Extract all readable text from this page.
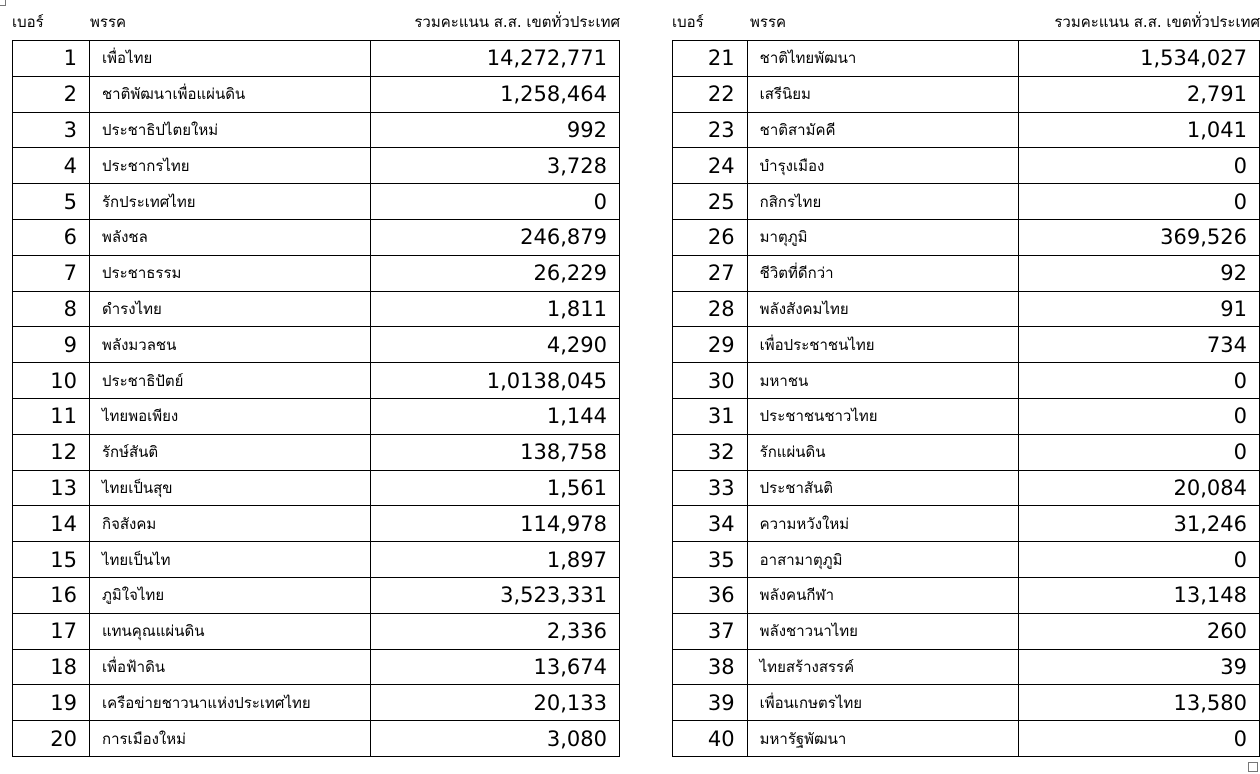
เบอร์	พรรค	รวมคะแนน ส.ส. เขตทั่วประเทศ
1	เพื่อไทย	14,272,771
2	ชาติพัฒนาเพื่อแผ่นดิน	1,258,464
3	ประชาธิปไตยใหม่	992
4	ประชากรไทย	3,728
5	รักประเทศไทย	0
6	พลังชล	246,879
7	ประชาธรรม	26,229
8	ดำรงไทย	1,811
9	พลังมวลชน	4,290
10	ประชาธิปัตย์	1,0138,045
11	ไทยพอเพียง	1,144
12	รักษ์สันติ	138,758
13	ไทยเป็นสุข	1,561
14	กิจสังคม	114,978
15	ไทยเป็นไท	1,897
16	ภูมิใจไทย	3,523,331
17	แทนคุณแผ่นดิน	2,336
18	เพื่อฟ้าดิน	13,674
19	เครือข่ายชาวนาแห่งประเทศไทย	20,133
20	การเมืองใหม่	3,080
เบอร์	พรรค	รวมคะแนน ส.ส. เขตทั่วประเทศ
21	ชาติไทยพัฒนา	1,534,027
22	เสรีนิยม	2,791
23	ชาติสามัคคี	1,041
24	บำรุงเมือง	0
25	กสิกรไทย	0
26	มาตุภูมิ	369,526
27	ชีวิตที่ดีกว่า	92
28	พลังสังคมไทย	91
29	เพื่อประชาชนไทย	734
30	มหาชน	0
31	ประชาชนชาวไทย	0
32	รักแผ่นดิน	0
33	ประชาสันติ	20,084
34	ความหวังใหม่	31,246
35	อาสามาตุภูมิ	0
36	พลังคนกีฬา	13,148
37	พลังชาวนาไทย	260
38	ไทยสร้างสรรค์	39
39	เพื่อนเกษตรไทย	13,580
40	มหารัฐพัฒนา	0
